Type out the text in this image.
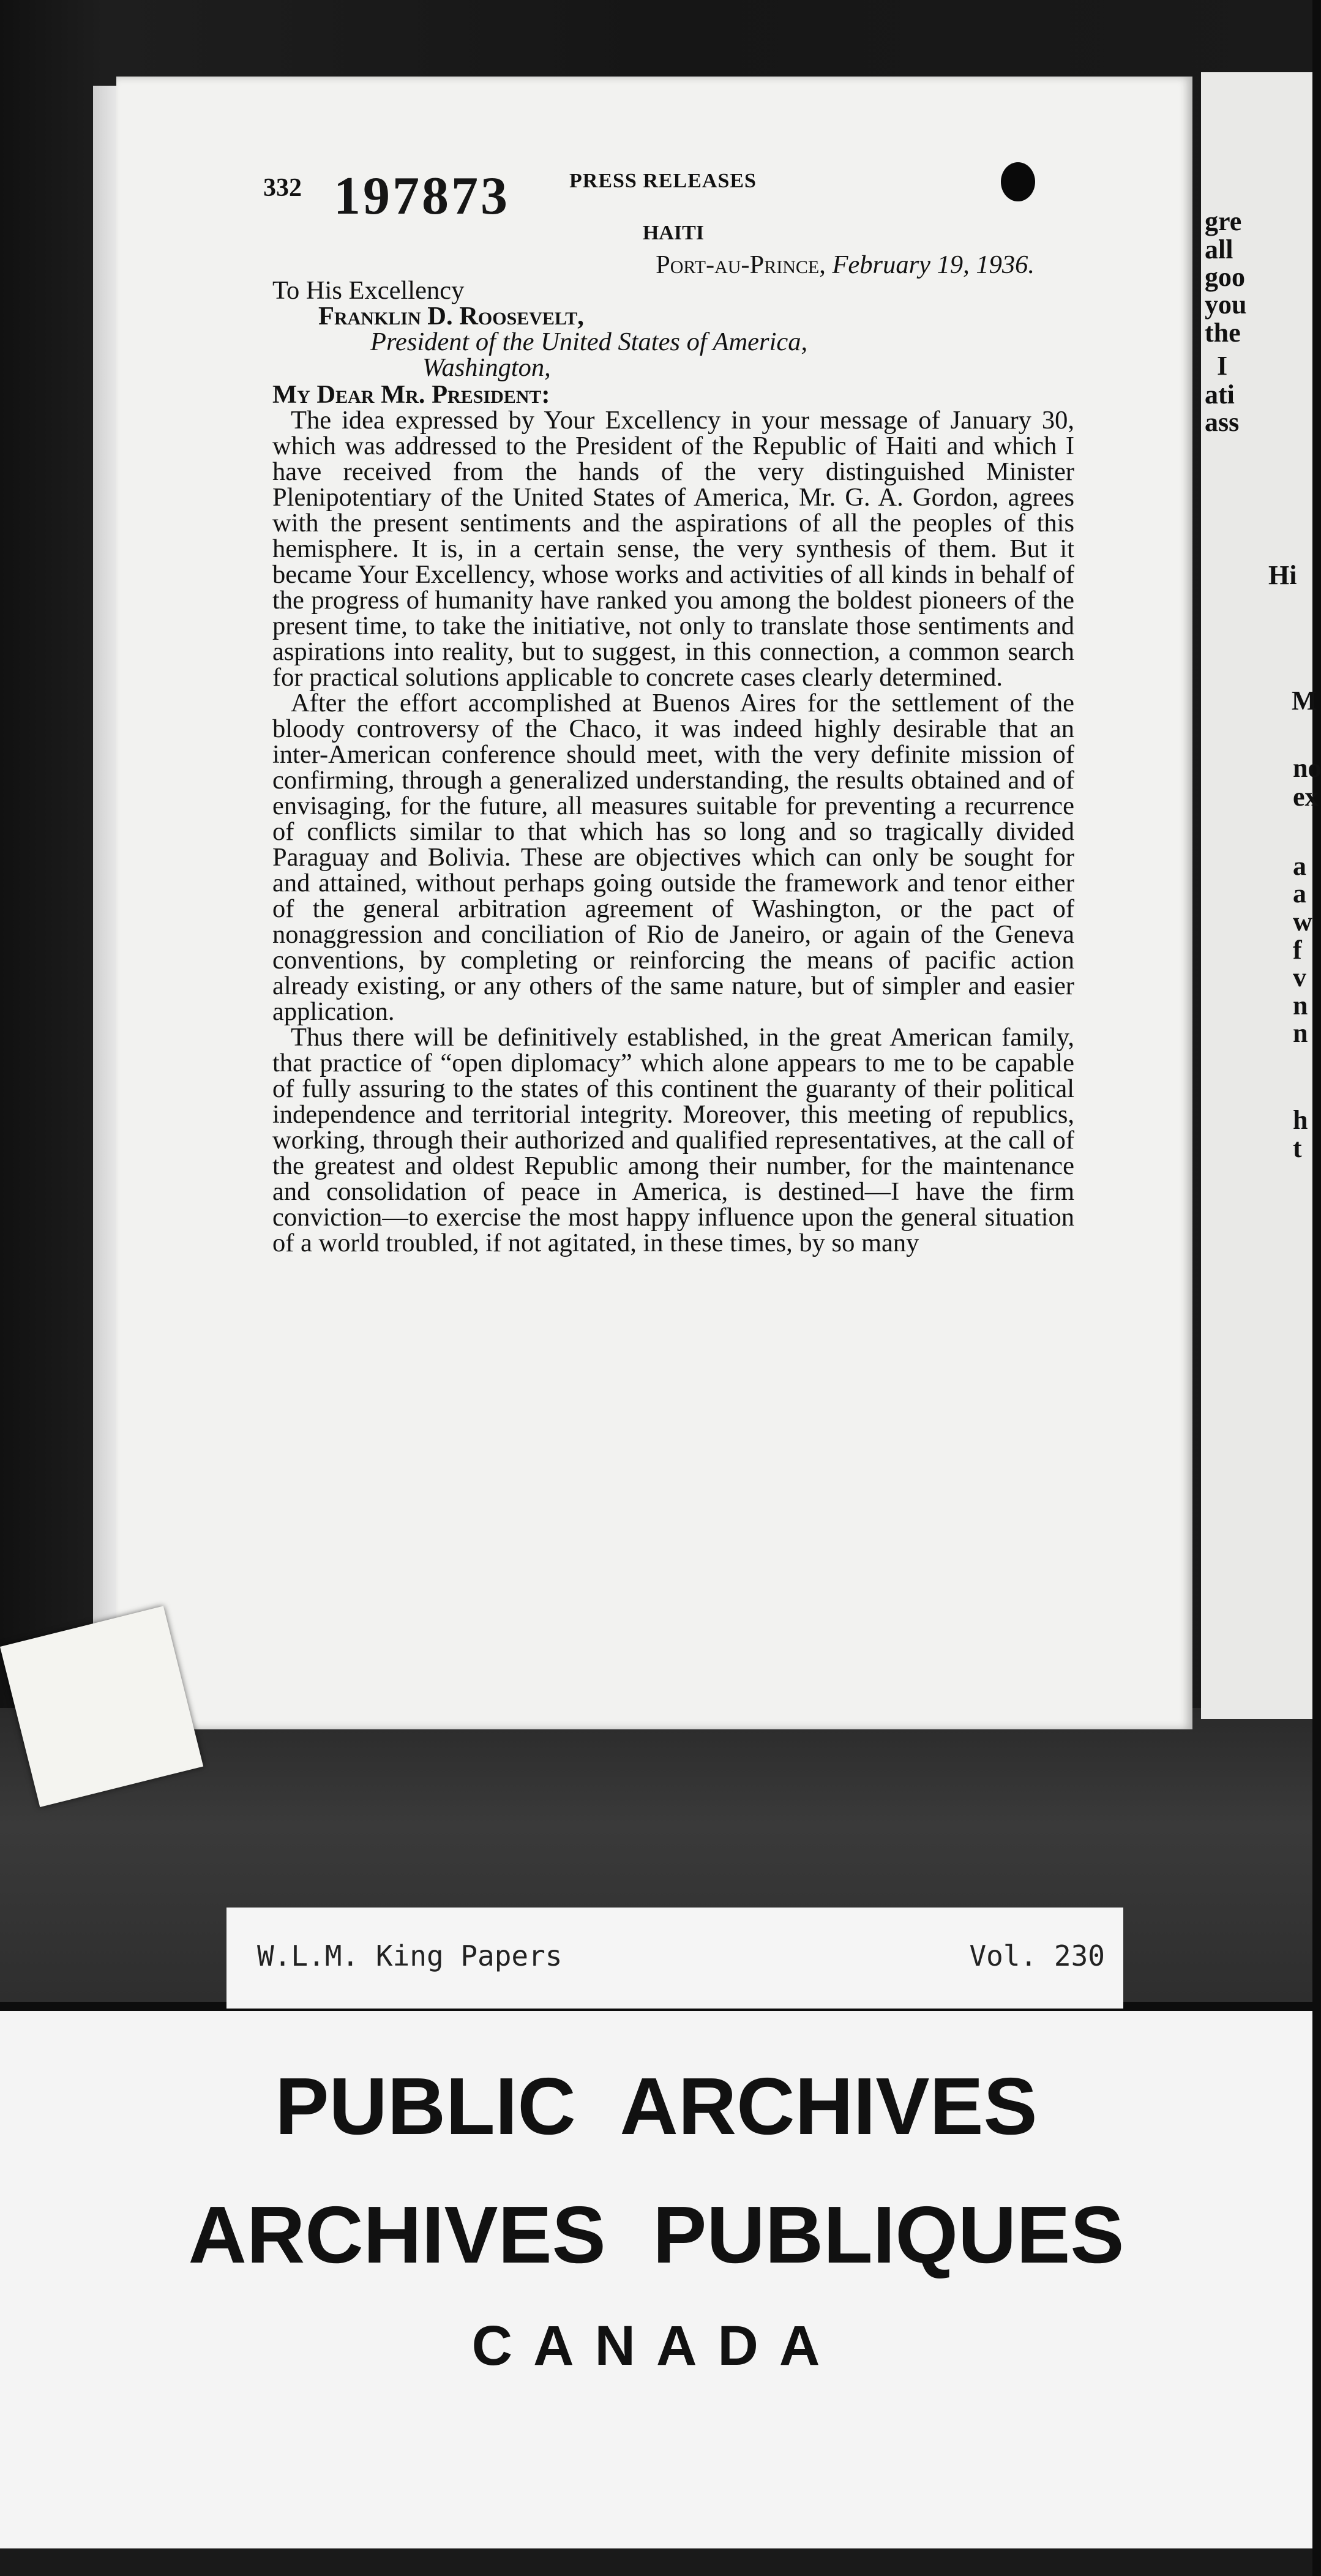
gre
all
goo
you
the
I
ati
ass
Hi
M
no
ex
a
a
w
f
v
n
n
h
t
332 197873	PRESS RELEASES
HAITI
Port-au-Prince, February 19, 1936.

To His Excellency

Franklin D. Roosevelt,

President of the United States of America,

Washington,

My Dear Mr. President:

The idea expressed by Your Excellency in your message of January 30, which was addressed to the President of the Republic of Haiti and which I have received from the hands of the very distinguished Minister Plenipotentiary of the United States of America, Mr. G. A. Gordon, agrees with the present sentiments and the aspirations of all the peoples of this hemisphere. It is, in a certain sense, the very synthesis of them. But it became Your Excellency, whose works and activities of all kinds in behalf of the progress of humanity have ranked you among the boldest pioneers of the present time, to take the initiative, not only to translate those sentiments and aspirations into reality, but to suggest, in this connection, a common search for practical solutions applicable to concrete cases clearly determined.

After the effort accomplished at Buenos Aires for the settlement of the bloody controversy of the Chaco, it was indeed highly desirable that an inter-American conference should meet, with the very definite mission of confirming, through a generalized understanding, the results obtained and of envisaging, for the future, all measures suitable for preventing a recurrence of conflicts similar to that which has so long and so tragically divided Paraguay and Bolivia. These are objectives which can only be sought for and attained, without perhaps going outside the framework and tenor either of the general arbitration agreement of Washington, or the pact of nonaggression and conciliation of Rio de Janeiro, or again of the Geneva conventions, by completing or reinforcing the means of pacific action already existing, or any others of the same nature, but of simpler and easier application.

Thus there will be definitively established, in the great American family, that practice of “open diplomacy” which alone appears to me to be capable of fully assuring to the states of this continent the guaranty of their political independence and territorial integrity. Moreover, this meeting of republics, working, through their authorized and qualified representatives, at the call of the greatest and oldest Republic among their number, for the maintenance and consolidation of peace in America, is destined—I have the firm conviction—to exercise the most happy influence upon the general situation of a world troubled, if not agitated, in these times, by so many

W.L.M. King Papers	Vol. 230
PUBLIC ARCHIVES
ARCHIVES PUBLIQUES
CANADA
